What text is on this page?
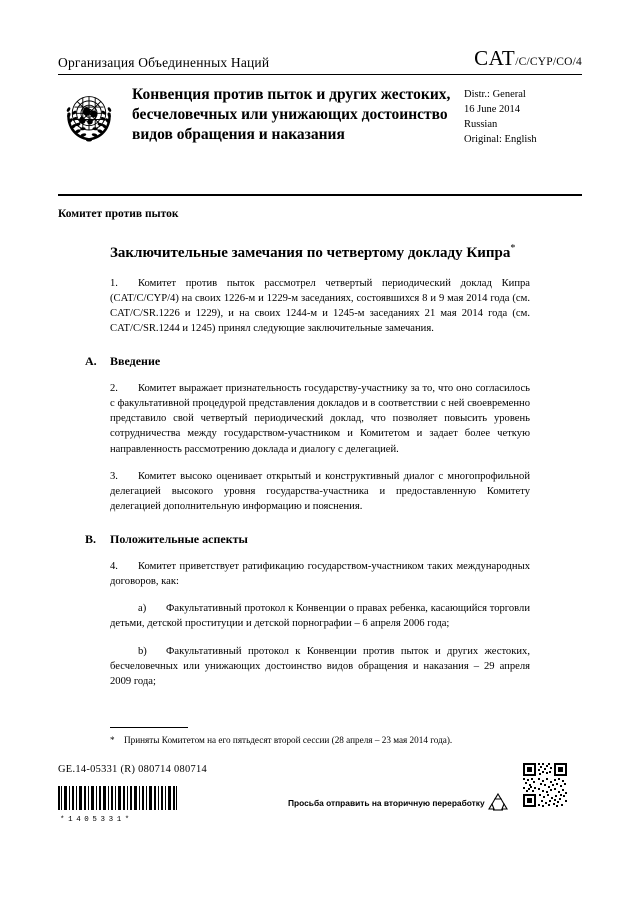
Организация Объединенных Наций	CAT/C/CYP/CO/4
Конвенция против пыток и других жестоких, бесчеловечных или унижающих достоинство видов обращения и наказания
Distr.: General
16 June 2014
Russian
Original: English
Комитет против пыток
Заключительные замечания по четвертому докладу Кипра*

1. Комитет против пыток рассмотрел четвертый периодический доклад Кипра (CAT/C/CYP/4) на своих 1226-м и 1229-м заседаниях, состоявшихся 8 и 9 мая 2014 года (см. CAT/C/SR.1226 и 1229), и на своих 1244-м и 1245-м заседаниях 21 мая 2014 года (см. CAT/C/SR.1244 и 1245) принял следующие заключительные замечания.

A.	Введение

2. Комитет выражает признательность государству-участнику за то, что оно согласилось с факультативной процедурой представления докладов и в соответствии с ней своевременно представило свой четвертый периодический доклад, что позволяет повысить уровень сотрудничества между государством-участником и Комитетом и задает более четкую направленность рассмотрению доклада и диалогу с делегацией.

3. Комитет высоко оценивает открытый и конструктивный диалог с многопрофильной делегацией высокого уровня государства-участника и предоставленную Комитету делегацией дополнительную информацию и пояснения.

B.	Положительные аспекты

4. Комитет приветствует ратификацию государством-участником таких международных договоров, как:

a) Факультативный протокол к Конвенции о правах ребенка, касающийся торговли детьми, детской проституции и детской порнографии – 6 апреля 2006 года;

b) Факультативный протокол к Конвенции против пыток и других жестоких, бесчеловечных или унижающих достоинство видов обращения и наказания – 29 апреля 2009 года;

* Приняты Комитетом на его пятьдесят второй сессии (28 апреля – 23 мая 2014 года).
GE.14-05331 (R) 080714 080714
*1405331*
Просьба отправить на вторичную переработку
